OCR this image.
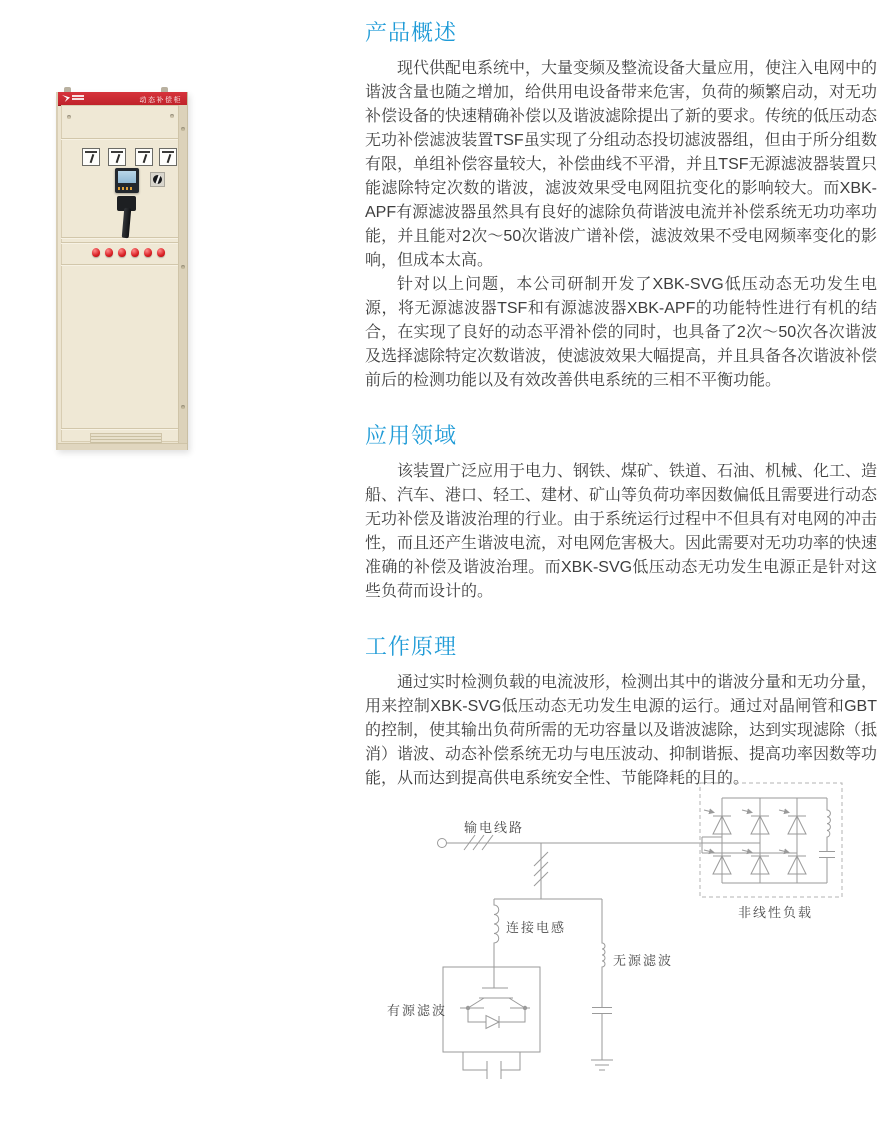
动态补偿柜
产品概述

现代供配电系统中，大量变频及整流设备大量应用，使注入电网中的谐波含量也随之增加，给供用电设备带来危害，负荷的频繁启动，对无功补偿设备的快速精确补偿以及谐波滤除提出了新的要求。传统的低压动态无功补偿滤波装置TSF虽实现了分组动态投切滤波器组，但由于所分组数有限，单组补偿容量较大，补偿曲线不平滑，并且TSF无源滤波器装置只能滤除特定次数的谐波，滤波效果受电网阻抗变化的影响较大。而XBK-APF有源滤波器虽然具有良好的滤除负荷谐波电流并补偿系统无功功率功能，并且能对2次～50次谐波广谱补偿，滤波效果不受电网频率变化的影响，但成本太高。

针对以上问题，本公司研制开发了XBK-SVG低压动态无功发生电源，将无源滤波器TSF和有源滤波器XBK-APF的功能特性进行有机的结合，在实现了良好的动态平滑补偿的同时，也具备了2次～50次各次谐波及选择滤除特定次数谐波，使滤波效果大幅提高，并且具备各次谐波补偿前后的检测功能以及有效改善供电系统的三相不平衡功能。

应用领域

该装置广泛应用于电力、钢铁、煤矿、铁道、石油、机械、化工、造船、汽车、港口、轻工、建材、矿山等负荷功率因数偏低且需要进行动态无功补偿及谐波治理的行业。由于系统运行过程中不但具有对电网的冲击性，而且还产生谐波电流，对电网危害极大。因此需要对无功功率的快速准确的补偿及谐波治理。而XBK-SVG低压动态无功发生电源正是针对这些负荷而设计的。

工作原理

通过实时检测负载的电流波形，检测出其中的谐波分量和无功分量，用来控制XBK-SVG低压动态无功发生电源的运行。通过对晶闸管和GBT的控制，使其输出负荷所需的无功容量以及谐波滤除，达到实现滤除（抵消）谐波、动态补偿系统无功与电压波动、抑制谐振、提高功率因数等功能，从而达到提高供电系统安全性、节能降耗的目的。

输电线路
非线性负载
连接电感
无源滤波
有源滤波
